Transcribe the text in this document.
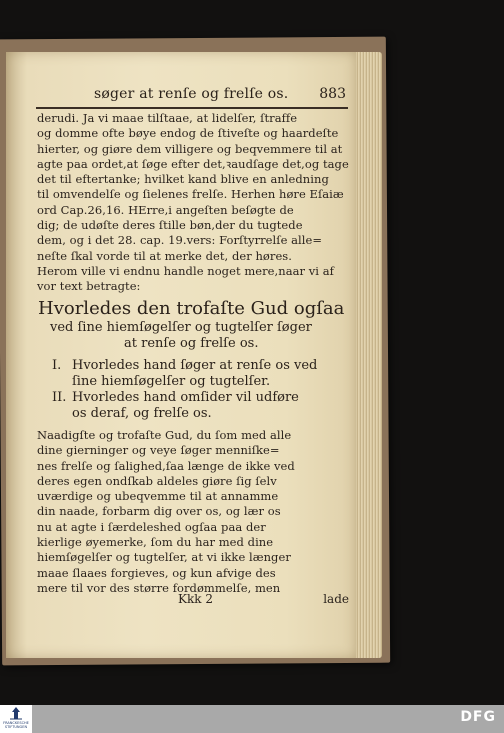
søger at renſe og frelſe os. 883
derudi. Ja vi maae tilſtaae, at lidelſer, ſtraffe
og domme ofte bøye endog de ſtiveſte og haardeſte
hierter, og giøre dem villigere og beqvemmere til at
agte paa ordet,at ſøge efter det,ꝛaudſage det,og tage
det til eftertanke; hvilket kand blive en anledning
til omvendelſe og ſielenes frelſe. Herhen høre Eſaiæ
ord Cap.26,16. HErre,i angeſten beſøgte de
dig; de udøſte deres ſtille bøn,der du tugtede
dem, og i det 28. cap. 19.vers: Forſtyrrelſe alle=
neſte ſkal vorde til at merke det, der høres.
Herom ville vi endnu handle noget mere,naar vi af
vor text betragte:
Hvorledes den trofaſte Gud ogſaa
ved ſine hiemſøgelſer og tugtelſer ſøger
at renſe og frelſe os.
I. Hvorledes hand ſøger at renſe os ved
ſine hiemſøgelſer og tugtelſer.
II. Hvorledes hand omſider vil udføre
os deraf, og frelſe os.
Naadigſte og trofaſte Gud, du ſom med alle
dine gierninger og veye ſøger menniſke=
nes frelſe og ſalighed,ſaa længe de ikke ved
deres egen ondſkab aldeles giøre ſig ſelv
uværdige og ubeqvemme til at annamme
din naade, forbarm dig over os, og lær os
nu at agte i ſærdeleshed ogſaa paa der
kierlige øyemerke, ſom du har med dine
hiemſøgelſer og tugtelſer, at vi ikke længer
maae ſlaaes forgieves, og kun afvige des
mere til vor des større fordømmelſe, men
Kkk 2	lade
FRANCKESCHE STIFTUNGEN
DFG
